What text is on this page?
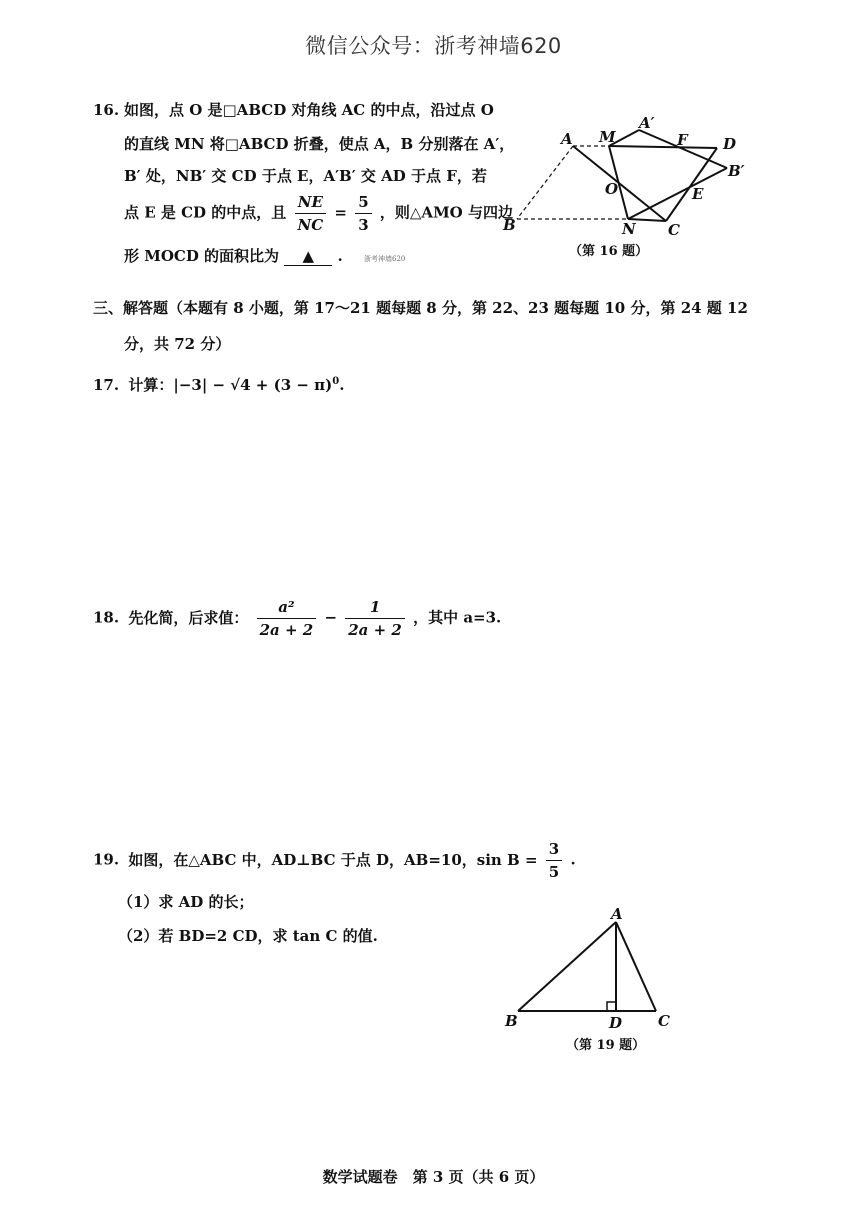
微信公众号：浙考神墙620
16. 如图，点 O 是□ABCD 对角线 AC 的中点，沿过点 O
的直线 MN 将□ABCD 折叠，使点 A，B 分别落在 A′，
B′ 处，NB′ 交 CD 于点 E，A′B′ 交 AD 于点 F，若
点 E 是 CD 的中点，且 $\frac{NE}{NC} = \frac{5}{3}$ ，则△AMO 与四边
形 MOCD 的面积比为 ▲ .	浙考神墙620
A M
A′
F D
B′
O	E
B	N C
（第 16 题）
三、解答题（本题有 8 小题，第 17～21 题每题 8 分，第 22、23 题每题 10 分，第 24 题 12
分，共 72 分）
17. 计算：$|-3| - √4 + (3 - \pi)^0$.
18. 先化简，后求值： $\frac{\text{a²}}{2a + 2} - \frac{1}{2a + 2}$ ，其中 a=3.
19. 如图，在△ABC 中，AD⊥BC 于点 D，AB=10，$\sin B = \frac{3}{5}$ .
（1）求 AD 的长；
（2）若 BD=2 CD，求 tan C 的值.
A
B	D C
（第 19 题）
数学试题卷　第 3 页（共 6 页）
